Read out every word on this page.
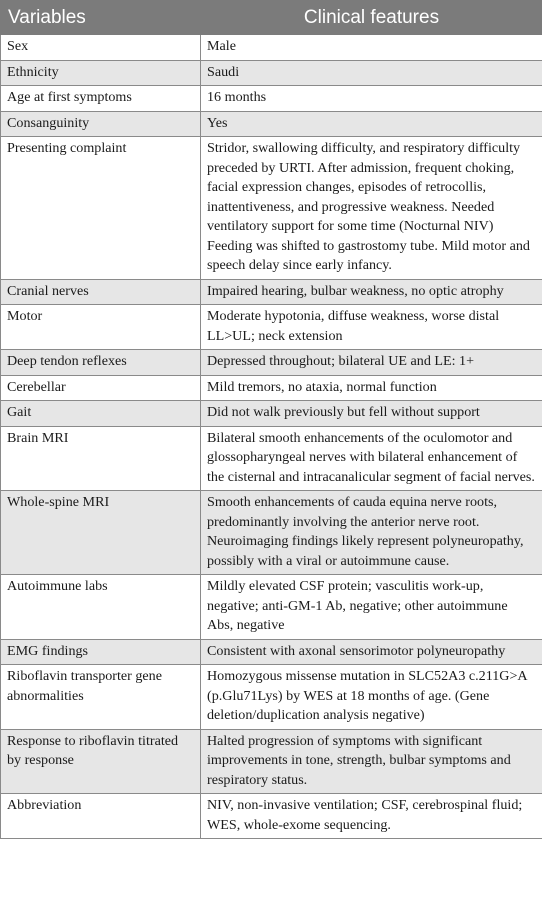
Variables	Clinical features
Sex	Male
Ethnicity	Saudi
Age at first symptoms	16 months
Consanguinity	Yes
Presenting complaint	Stridor, swallowing difficulty, and respiratory difficulty preceded by URTI. After admission, frequent choking, facial expression changes, episodes of retrocollis, inattentiveness, and progressive weakness. Needed ventilatory support for some time (Nocturnal NIV) Feeding was shifted to gastrostomy tube. Mild motor and speech delay since early infancy.
Cranial nerves	Impaired hearing, bulbar weakness, no optic atrophy
Motor	Moderate hypotonia, diffuse weakness, worse distal LL>UL; neck extension
Deep tendon reflexes	Depressed throughout; bilateral UE and LE: 1+
Cerebellar	Mild tremors, no ataxia, normal function
Gait	Did not walk previously but fell without support
Brain MRI	Bilateral smooth enhancements of the oculomotor and glossopharyngeal nerves with bilateral enhancement of the cisternal and intracanalicular segment of facial nerves.
Whole-spine MRI	Smooth enhancements of cauda equina nerve roots, predominantly involving the anterior nerve root. Neuroimaging findings likely represent polyneuropathy, possibly with a viral or autoimmune cause.
Autoimmune labs	Mildly elevated CSF protein; vasculitis work-up, negative; anti-GM-1 Ab, negative; other autoimmune Abs, negative
EMG findings	Consistent with axonal sensorimotor polyneuropathy
Riboflavin transporter gene abnormalities	Homozygous missense mutation in SLC52A3 c.211G>A (p.Glu71Lys) by WES at 18 months of age. (Gene deletion/duplication analysis negative)
Response to riboflavin titrated by response	Halted progression of symptoms with significant improvements in tone, strength, bulbar symptoms and respiratory status.
Abbreviation	NIV, non-invasive ventilation; CSF, cerebrospinal fluid; WES, whole-exome sequencing.
